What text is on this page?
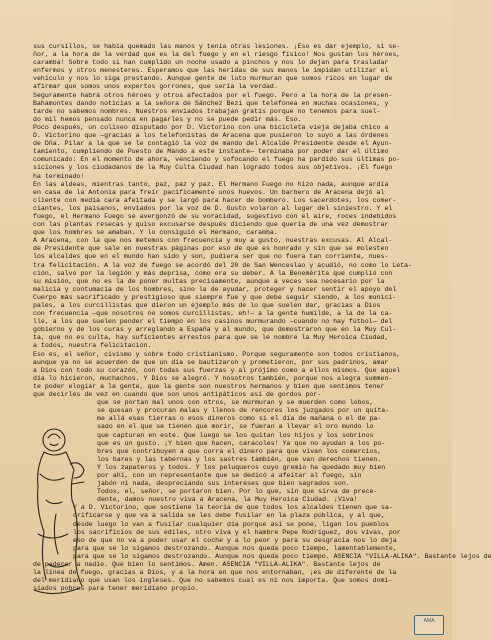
sus cursillos, se había quemado las manos y tenía otras lesiones. ¡Eso es dar ejemplo, si se-
ñor, a la hora de la verdad que es la del fuego y en el riesgo físico! Nos gustan los héroes,
caramba! Sobre todo si han cumplido un noche usado a pinchos y nos lo dejan para trasladar
enfermos y otros menesteres. Esperamos que las heridas de sus manos le impidan utilizar el
vehículo y nos lo siga prestando. Aunque gente de luto murmuran que somos ricos en lugar de
afirmar que somos unos expertos gorrones, que sería la verdad.
Seguramente habrá otros héroes y otros afectados por el fuego. Pero a la hora de la presen-
Bahamontes dando noticias a la señora de Sánchez Bezi que telefonea en muchas ocasiones, y
tarde no sabemos nombres. Nuestros enviados trabajan gratis porque no tenemos para suel-
do mil hemos pensado nunca en pagarles y no se puede pedir más. Eso.
Poco después, un coliseo disputado por D. Victorino con una bicicleta vieja dejaba chico a
D. Victorino que —gracias a los telefonistas de Aracena que pusieron lo suyo a las órdenes
de Dña. Pilar a la que se le contagió la voz de mando del Alcalde Presidente desde el Ayun-
tamiento, cumpliendo de Puesto de Mando a este instante— terminaba por poder dar el último
comunicado: En el momento de ahora, venciendo y sofocando el fuego ha pardido sus últimas po-
siciones y los ciudadanos de la Muy Culta Ciudad han logrado todos sus objetivos. ¡El fuego
ha terminado!
En las aldeas, mientras tanto, paz, paz y paz. El Hermano Fuego no hizo nada, aunque ardía
en casa de la Antonia para freír pacíficamente unos huevos. Un barbero de Aracena dejó al
cliente con media cara afeitada y se largó para hacer de bombero. Los sacerdotes, los comer-
ciantes, los paisanos, enviados por la voz de D. Gusto volaron al lugar del siniestro. Y el
fuego, el Hermano Fuego se avergonzó de su voracidad, sugestivo con el aire, roces indebidos
con las plantas resecas y quiso excusarse después diciendo que quería de una vez demostrar
que los hombres se amaban. Y lo consiguió el Hermano, caramba.
A Aracena, con la que nos metemos con frecuencia y muy a gusto, nuestras excusas. Al Alcal-
de Presidente que sale en nuestras páginas por eso de que es honrado y sin que se molesten
los alcaldes que en el mundo han sido y son, pudiera ser que no fuera tan corriente, nues-
tra felicitación. A la voz de fuego se acordó del 20 de San Wenceslao y acudió, no como lo Leta-
ción, salvo por la legión y más deprisa, como era su deber. A la Benemérita que cumplió con
su misión, que no es la de poner multas precisamente, aunque a veces sea necesario por la
malicia y contumacia de los hombres, sino la de ayudar, proteger y hacer sentir el apoyo del
Cuerpo más sacrificado y prestigioso que siempre fue y que debe seguir siendo, a los munici-
pales, a los curcillistas que dieron un ejemplo más de lo que suelen dar, gracias a Dios
con frecuencia —que nosotros no somos curcillistas, eh!— a la gente humilde, a la de la ca-
lle, a los que suelen pender el tiempo en los casinos murmurando —cuando no hay fútbol— del
gobierno y de los curas y arreglando a España y al mundo, que demostraron que en la Muy Cul-
ta, que no es culta, hay suficientes arrestos para que se le nombre la Muy Heroica Ciudad,
a todos, nuestra felicitación.
Eso es, el señor, civismo y sobre todo cristianismo. Porque seguramente son todos cristianos,
aunque ya no se acuerden de que un día se bautizaron y prometieron, por sus padrinos, amar
a Dios con todo su corazón, con todas sus fuerzas y al prójimo como a ellos mismos. Que aquel
día lo hicieron, muchachos. Y Dios se alegró. Y nosotros también, porque nos alegra summen-
te poder elogiar a la gente, que la gente son nuestros hermanos y bien que sentimos tener
que decirles de vez en cuando que son unos antipáticos así de gordos por-
que se portan mal unos con otros, se murmuran y se muerden como lobos,
se quesan y procuran malas y llenos de rencores los juzgados por un quíta-
me allá esas tierras o esos dineros como si el día de mañana o el de pa-
sado en el que se tienen que morir, se fueran a llevar el oro mundo lo
que capturan en este. Que luego se los quitan los hijos y los sobrinos
que es un gusto. ¡Y bien que hacen, caracoles! Ya que no ayudan a los po-
bres que contribuyen a que corra el dinero para que vivan los comercios,
los bares y las tabernas y los sastres también, que van derechos tienen.
Y los zapateros y todos. Y los peluqueros cuyo gremio ha quedado muy bien
por ahí, con un representante que se dedicó a afeitar al fuego, sin
jabón ni nada, despreciando sus intereses que bien sagrados son.
Todos, el, señor, se portaron bien. Por lo que, sin que sirva de prece-
dente, damos nuestro viva a Aracena, la Muy Heroica Ciudad. ¡Viva!
Y a D. Victorino, que sostiene la teoría de que todos los alcaldes tienen que sa-
crificarse y que va a salida se les debe fusilar en la plaza pública, y al que,
desde luego lo van a fusilar cualquier día porque así se pone, ligan los pueblos
los sacrificios de sus ediles, otro viva y el hambre Pepe Rodríguez, dos vivas, por
eso de que no va a poder usar el coche y a lo peor y para su desgracia nos lo deja
para que se lo sigamos destrozando. Aunque nos queda poco tiempo, lamentablemente,
para que se lo sigamos destrozando. Aunque nos queda poco tiempo. ASENCIA "VILLA-ALIKA". Bastante lejos de
de padecer a nadie. Que bien lo sentimos. Amen. ASENCIA "VILLA-ALIKA". Bastante lejos de
la línea de fuego, gracias a Dios, y a la hora en que nos entornaban, ¡es de diferente de la
del meridiano que usan los ingleses. Que no sabemos cual es ni nos importa. Que somos domi-
siados pobres para tener meridiano propio.
AMA
